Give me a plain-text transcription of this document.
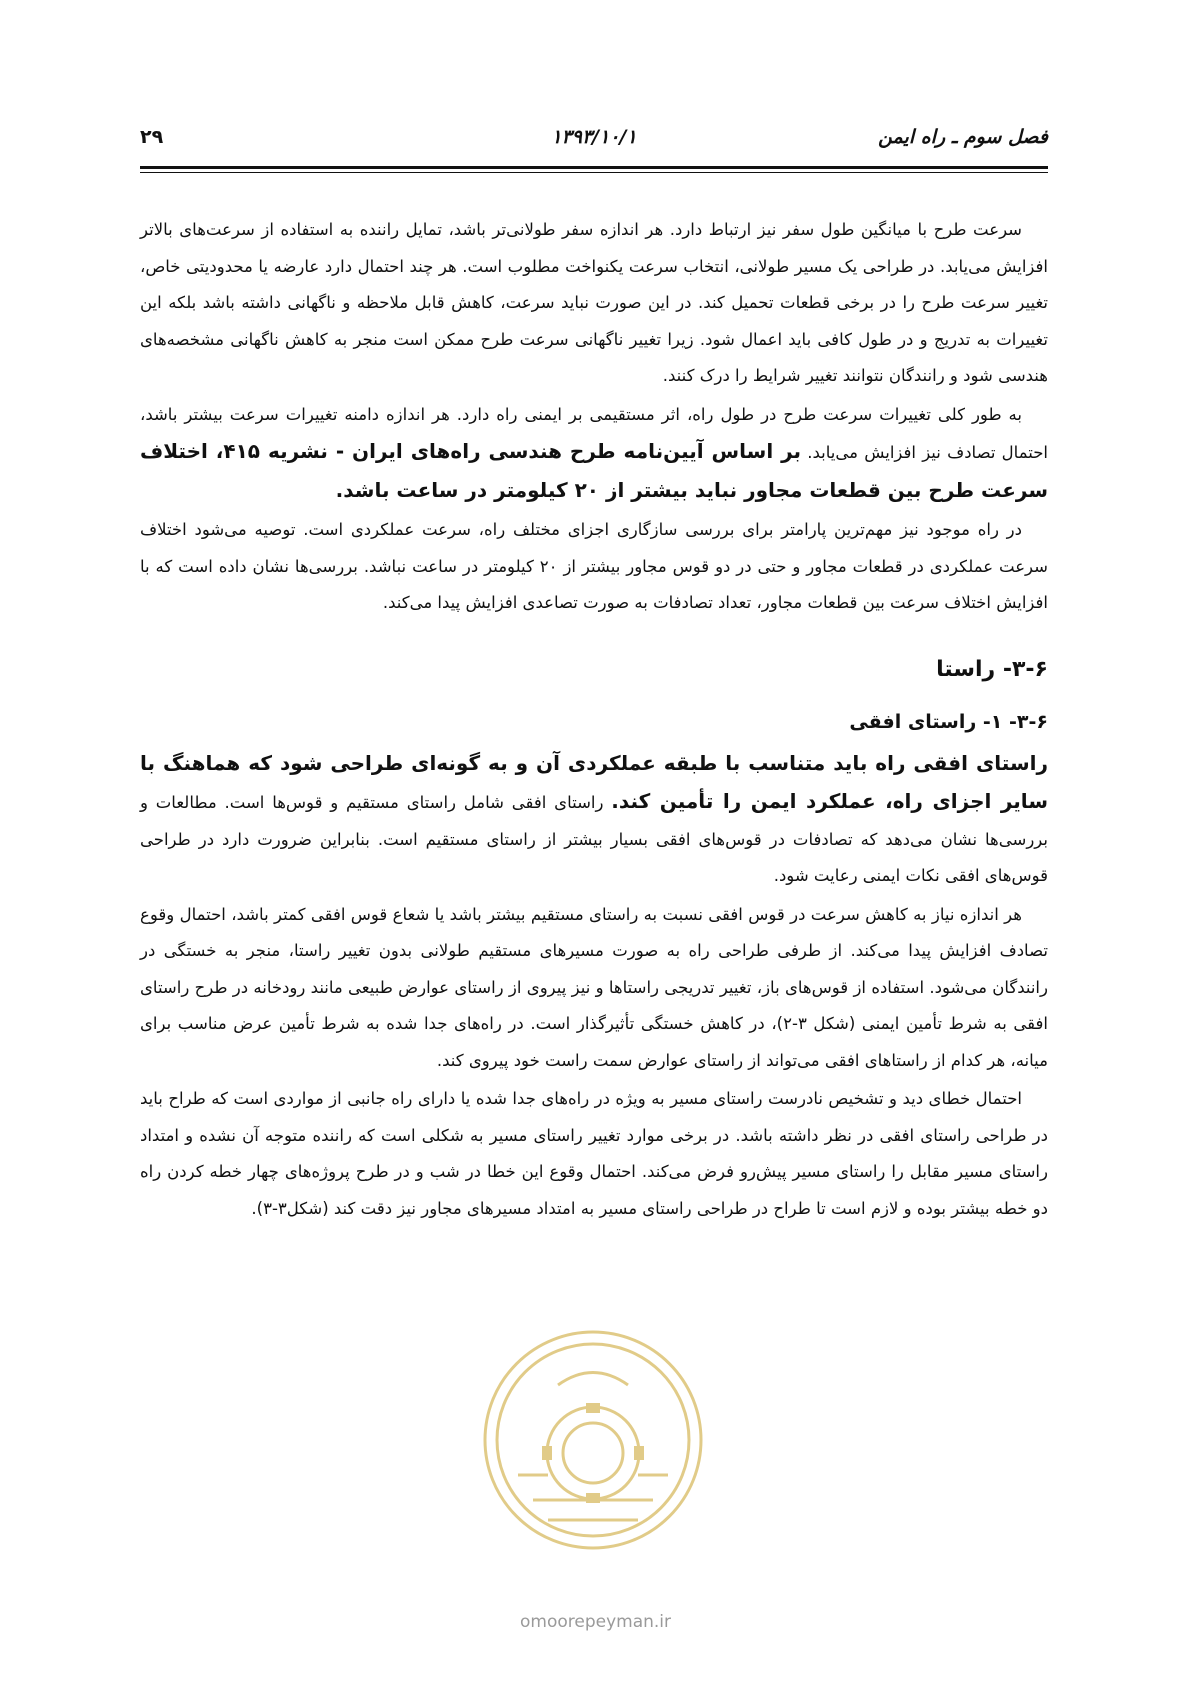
فصل سوم ـ راه ایمن
۱۳۹۳/۱۰/۱
۲۹

سرعت طرح با میانگین طول سفر نیز ارتباط دارد. هر اندازه سفر طولانی‌تر باشد، تمایل راننده به استفاده از سرعت‌های بالاتر افزایش می‌یابد. در طراحی یک مسیر طولانی، انتخاب سرعت یکنواخت مطلوب است. هر چند احتمال دارد عارضه یا محدودیتی خاص، تغییر سرعت طرح را در برخی قطعات تحمیل کند. در این صورت نباید سرعت، کاهش قابل ملاحظه و ناگهانی داشته باشد بلکه این تغییرات به تدریج و در طول کافی باید اعمال شود. زیرا تغییر ناگهانی سرعت طرح ممکن است منجر به کاهش ناگهانی مشخصه‌های هندسی شود و رانندگان نتوانند تغییر شرایط را درک کنند.

به طور کلی تغییرات سرعت طرح در طول راه، اثر مستقیمی بر ایمنی راه دارد. هر اندازه دامنه تغییرات سرعت بیشتر باشد، احتمال تصادف نیز افزایش می‌یابد. بر اساس آیین‌نامه طرح هندسی راه‌های ایران - نشریه ۴۱۵، اختلاف سرعت طرح بین قطعات مجاور نباید بیشتر از ۲۰ کیلومتر در ساعت باشد.

در راه موجود نیز مهم‌ترین پارامتر برای بررسی سازگاری اجزای مختلف راه، سرعت عملکردی است. توصیه می‌شود اختلاف سرعت عملکردی در قطعات مجاور و حتی در دو قوس مجاور بیشتر از ۲۰ کیلومتر در ساعت نباشد. بررسی‌ها نشان داده است که با افزایش اختلاف سرعت بین قطعات مجاور، تعداد تصادفات به صورت تصاعدی افزایش پیدا می‌کند.

۳-۶- راستا
۳-۶- ۱- راستای افقی

راستای افقی راه باید متناسب با طبقه عملکردی آن و به گونه‌ای طراحی شود که هماهنگ با سایر اجزای راه، عملکرد ایمن را تأمین کند. راستای افقی شامل راستای مستقیم و قوس‌ها است. مطالعات و بررسی‌ها نشان می‌دهد که تصادفات در قوس‌های افقی بسیار بیشتر از راستای مستقیم است. بنابراین ضرورت دارد در طراحی قوس‌های افقی نکات ایمنی رعایت شود.

هر اندازه نیاز به کاهش سرعت در قوس افقی نسبت به راستای مستقیم بیشتر باشد یا شعاع قوس افقی کمتر باشد، احتمال وقوع تصادف افزایش پیدا می‌کند. از طرفی طراحی راه به صورت مسیرهای مستقیم طولانی بدون تغییر راستا، منجر به خستگی در رانندگان می‌شود. استفاده از قوس‌های باز، تغییر تدریجی راستاها و نیز پیروی از راستای عوارض طبیعی مانند رودخانه در طرح راستای افقی به شرط تأمین ایمنی (شکل ۳-۲)، در کاهش خستگی تأثیرگذار است. در راه‌های جدا شده به شرط تأمین عرض مناسب برای میانه، هر کدام از راستاهای افقی می‌تواند از راستای عوارض سمت راست خود پیروی کند.

احتمال خطای دید و تشخیص نادرست راستای مسیر به ویژه در راه‌های جدا شده یا دارای راه جانبی از مواردی است که طراح باید در طراحی راستای افقی در نظر داشته باشد. در برخی موارد تغییر راستای مسیر به شکلی است که راننده متوجه آن نشده و امتداد راستای مسیر مقابل را راستای مسیر پیش‌رو فرض می‌کند. احتمال وقوع این خطا در شب و در طرح پروژه‌های چهار خطه کردن راه دو خطه بیشتر بوده و لازم است تا طراح در طراحی راستای مسیر به امتداد مسیرهای مجاور نیز دقت کند (شکل۳-۳).

omoorepeyman.ir
